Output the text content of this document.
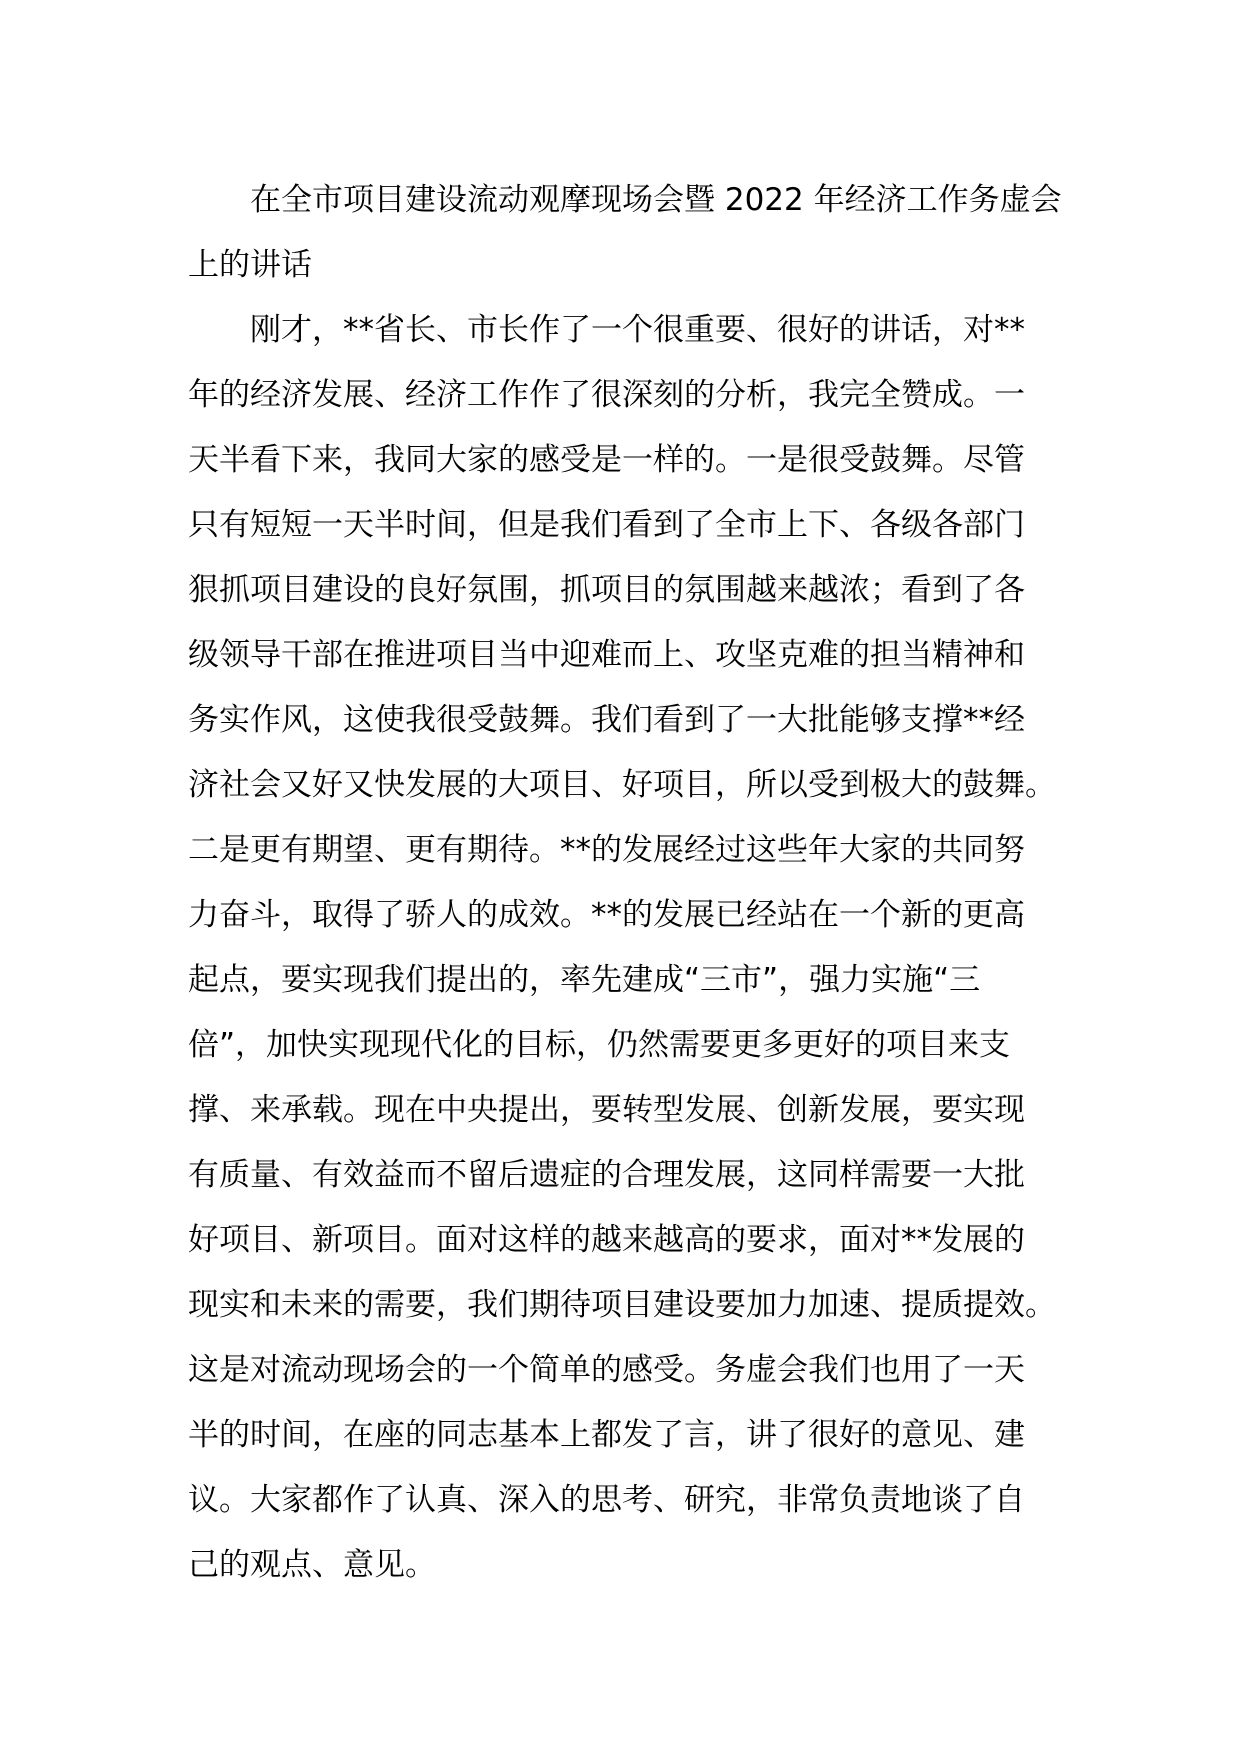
在全市项目建设流动观摩现场会暨 2022 年经济工作务虚会
上的讲话
刚才，**省长、市长作了一个很重要、很好的讲话，对**
年的经济发展、经济工作作了很深刻的分析，我完全赞成。一
天半看下来，我同大家的感受是一样的。一是很受鼓舞。尽管
只有短短一天半时间，但是我们看到了全市上下、各级各部门
狠抓项目建设的良好氛围，抓项目的氛围越来越浓；看到了各
级领导干部在推进项目当中迎难而上、攻坚克难的担当精神和
务实作风，这使我很受鼓舞。我们看到了一大批能够支撑**经
济社会又好又快发展的大项目、好项目，所以受到极大的鼓舞。
二是更有期望、更有期待。**的发展经过这些年大家的共同努
力奋斗，取得了骄人的成效。**的发展已经站在一个新的更高
起点，要实现我们提出的，率先建成“三市”，强力实施“三
倍”，加快实现现代化的目标，仍然需要更多更好的项目来支
撑、来承载。现在中央提出，要转型发展、创新发展，要实现
有质量、有效益而不留后遗症的合理发展，这同样需要一大批
好项目、新项目。面对这样的越来越高的要求，面对**发展的
现实和未来的需要，我们期待项目建设要加力加速、提质提效。
这是对流动现场会的一个简单的感受。务虚会我们也用了一天
半的时间，在座的同志基本上都发了言，讲了很好的意见、建
议。大家都作了认真、深入的思考、研究，非常负责地谈了自
己的观点、意见。
